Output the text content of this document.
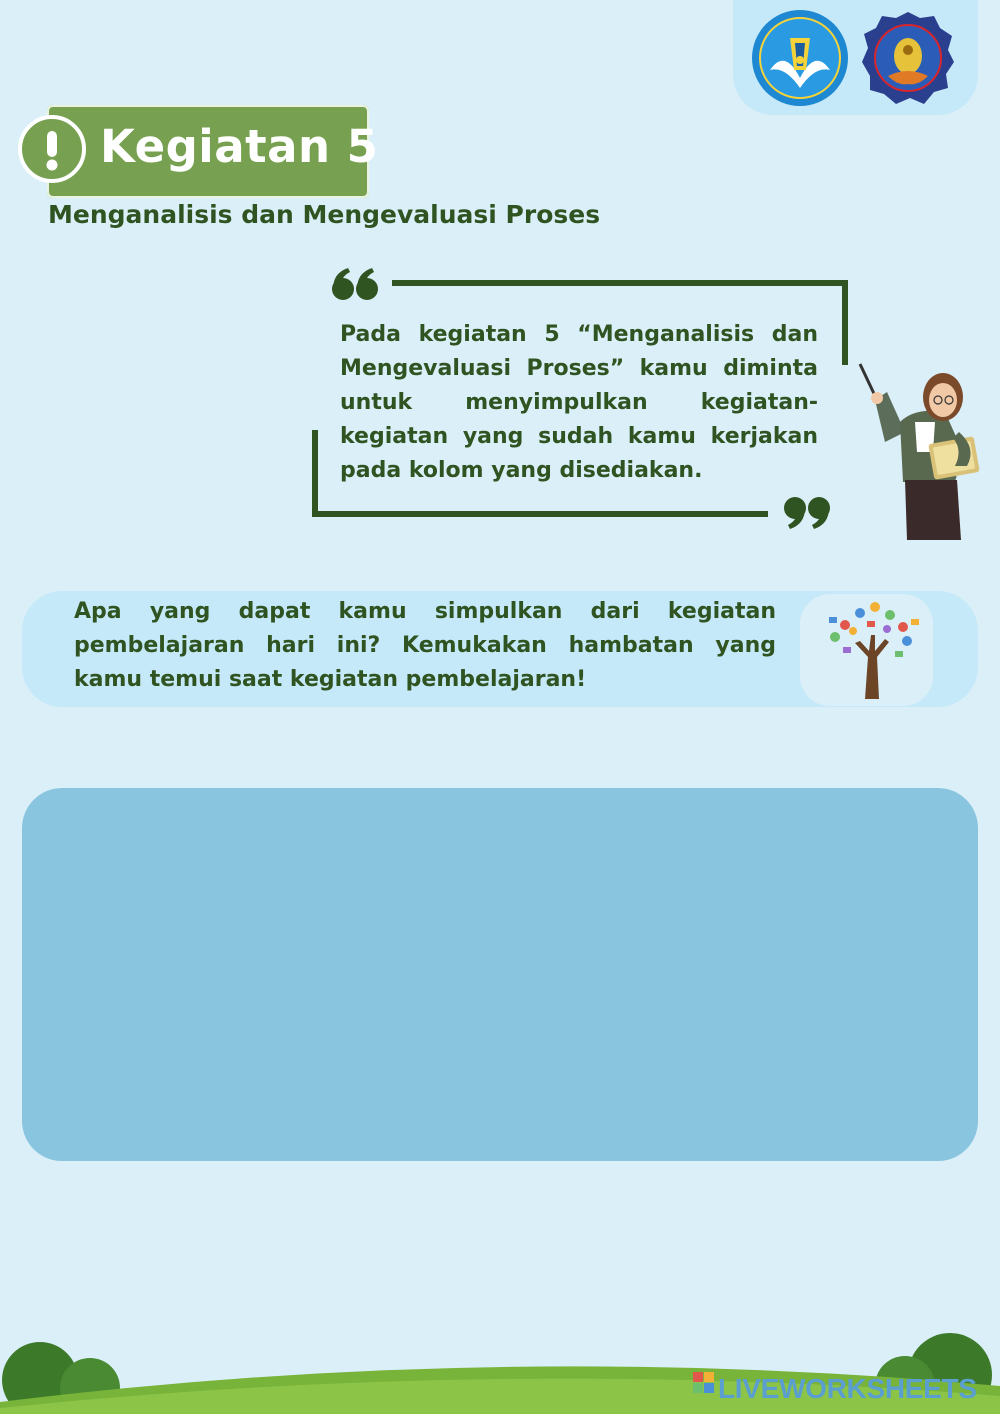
Kegiatan 5
Menganalisis dan Mengevaluasi Proses
Pada kegiatan 5 “Menganalisis dan Mengevaluasi Proses” kamu diminta untuk menyimpulkan kegiatan-kegiatan yang sudah kamu kerjakan pada kolom yang disediakan.
Apa yang dapat kamu simpulkan dari kegiatan pembelajaran hari ini? Kemukakan hambatan yang kamu temui saat kegiatan pembelajaran!
LIVEWORKSHEETS
